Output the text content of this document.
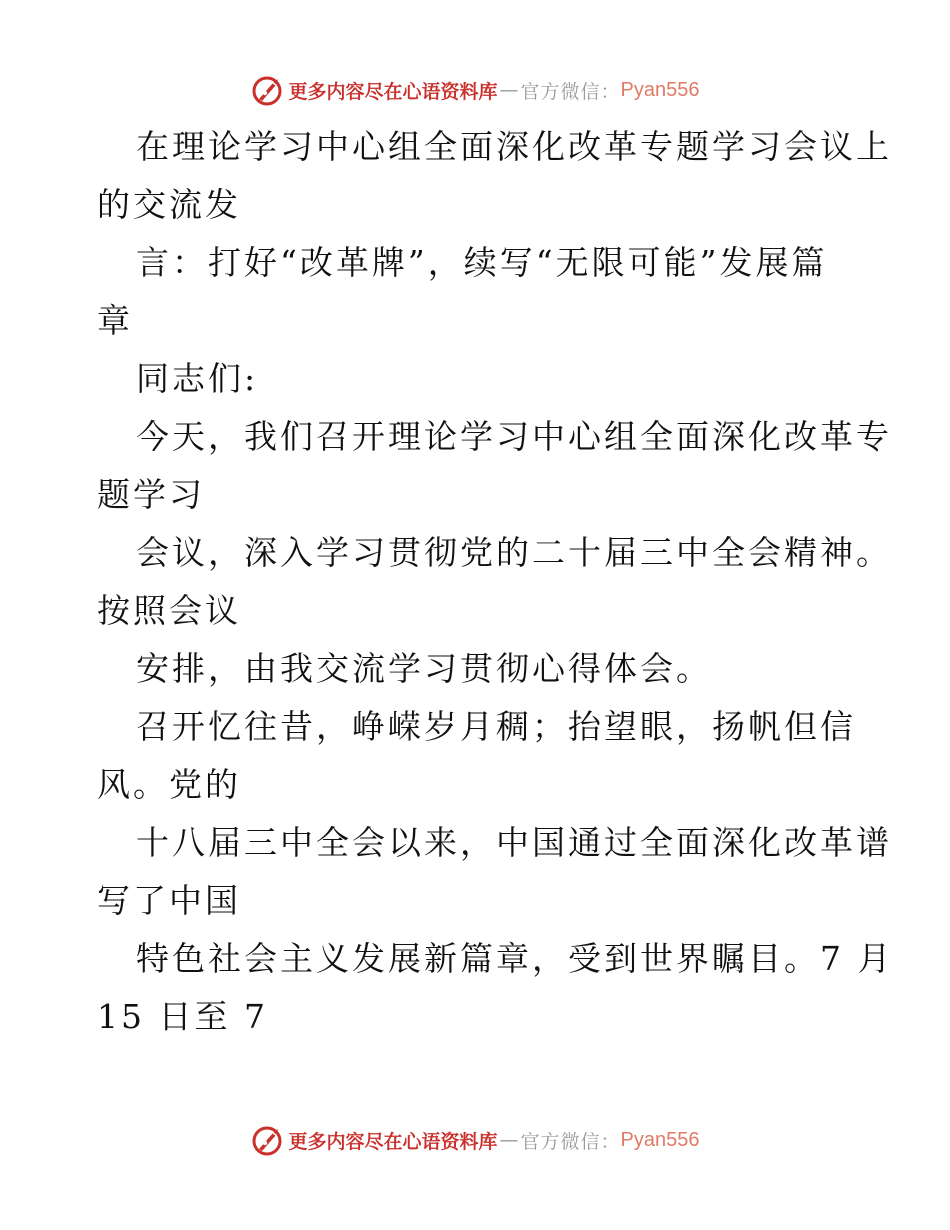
更多内容尽在心语资料库 — 官方微信： Pyan556
在理论学习中心组全面深化改革专题学习会议上
的交流发
言：打好“改革牌”，续写“无限可能”发展篇
章
同志们:
今天，我们召开理论学习中心组全面深化改革专
题学习
会议，深入学习贯彻党的二十届三中全会精神。
按照会议
安排，由我交流学习贯彻心得体会。
召开忆往昔，峥嵘岁月稠；抬望眼，扬帆但信
风。党的
十八届三中全会以来，中国通过全面深化改革谱
写了中国
特色社会主义发展新篇章，受到世界瞩目。7 月
15 日至 7
更多内容尽在心语资料库 — 官方微信： Pyan556
